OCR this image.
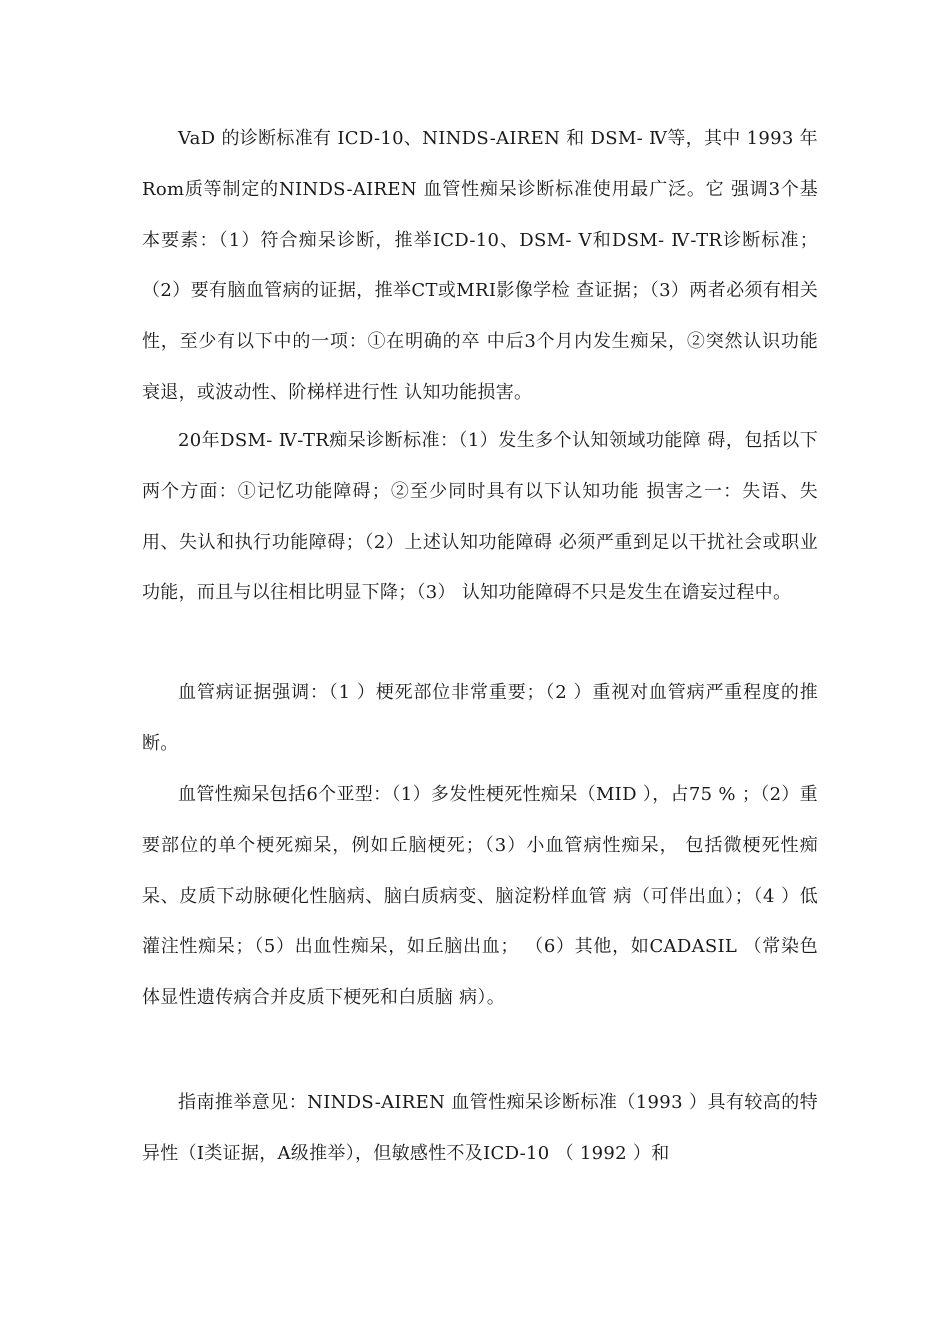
VaD 的诊断标准有 ICD-10、NINDS-AIREN 和 DSM- Ⅳ等，其中 1993 年Rom质等制定的NINDS-AIREN 血管性痴呆诊断标准使用最广泛。它 强调3个基本要素：（1）符合痴呆诊断，推举ICD-10、DSM- Ⅴ和DSM- Ⅳ-TR诊断标准；（2）要有脑血管病的证据，推举CT或MRI影像学检 查证据；（3）两者必须有相关性，至少有以下中的一项：①在明确的卒 中后3个月内发生痴呆，②突然认识功能衰退，或波动性、阶梯样进行性 认知功能损害。

20年DSM- Ⅳ-TR痴呆诊断标准：（1）发生多个认知领域功能障 碍，包括以下两个方面：①记忆功能障碍；②至少同时具有以下认知功能 损害之一：失语、失用、失认和执行功能障碍；（2）上述认知功能障碍 必须严重到足以干扰社会或职业功能，而且与以往相比明显下降；（3） 认知功能障碍不只是发生在谵妄过程中。

血管病证据强调：（1 ）梗死部位非常重要；（2 ）重视对血管病严重程度的推断。

血管性痴呆包括6个亚型：（1）多发性梗死性痴呆（MID ），占75 % ；（2）重要部位的单个梗死痴呆，例如丘脑梗死；（3）小血管病性痴呆， 包括微梗死性痴呆、皮质下动脉硬化性脑病、脑白质病变、脑淀粉样血管 病（可伴出血）；（4 ）低灌注性痴呆；（5）出血性痴呆，如丘脑出血； （6）其他，如CADASIL （常染色体显性遗传病合并皮质下梗死和白质脑 病）。

指南推举意见：NINDS-AIREN 血管性痴呆诊断标准（1993 ）具有较高的特异性（I类证据，A级推举），但敏感性不及ICD-10 （ 1992 ）和
